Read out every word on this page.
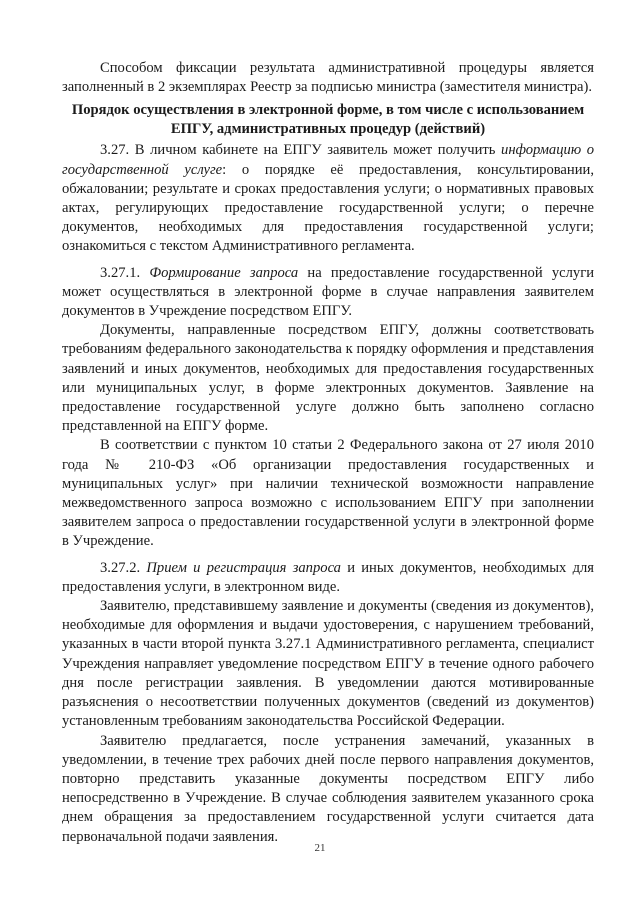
Способом фиксации результата административной процедуры является заполненный в 2 экземплярах Реестр за подписью министра (заместителя министра).

Порядок осуществления в электронной форме, в том числе с использованием ЕПГУ, административных процедур (действий)

3.27. В личном кабинете на ЕПГУ заявитель может получить информацию о государственной услуге: о порядке её предоставления, консультировании, обжаловании; результате и сроках предоставления услуги; о нормативных правовых актах, регулирующих предоставление государственной услуги; о перечне документов, необходимых для предоставления государственной услуги; ознакомиться с текстом Административного регламента.

3.27.1. Формирование запроса на предоставление государственной услуги может осуществляться в электронной форме в случае направления заявителем документов в Учреждение посредством ЕПГУ.

Документы, направленные посредством ЕПГУ, должны соответствовать требованиям федерального законодательства к порядку оформления и представления заявлений и иных документов, необходимых для предоставления государственных или муниципальных услуг, в форме электронных документов. Заявление на предоставление государственной услуге должно быть заполнено согласно представленной на ЕПГУ форме.

В соответствии с пунктом 10 статьи 2 Федерального закона от 27 июля 2010 года № 210-ФЗ «Об организации предоставления государственных и муниципальных услуг» при наличии технической возможности направление межведомственного запроса возможно с использованием ЕПГУ при заполнении заявителем запроса о предоставлении государственной услуги в электронной форме в Учреждение.

3.27.2. Прием и регистрация запроса и иных документов, необходимых для предоставления услуги, в электронном виде.

Заявителю, представившему заявление и документы (сведения из документов), необходимые для оформления и выдачи удостоверения, с нарушением требований, указанных в части второй пункта 3.27.1 Административного регламента, специалист Учреждения направляет уведомление посредством ЕПГУ в течение одного рабочего дня после регистрации заявления. В уведомлении даются мотивированные разъяснения о несоответствии полученных документов (сведений из документов) установленным требованиям законодательства Российской Федерации.

Заявителю предлагается, после устранения замечаний, указанных в уведомлении, в течение трех рабочих дней после первого направления документов, повторно представить указанные документы посредством ЕПГУ либо непосредственно в Учреждение. В случае соблюдения заявителем указанного срока днем обращения за предоставлением государственной услуги считается дата первоначальной подачи заявления.

21
